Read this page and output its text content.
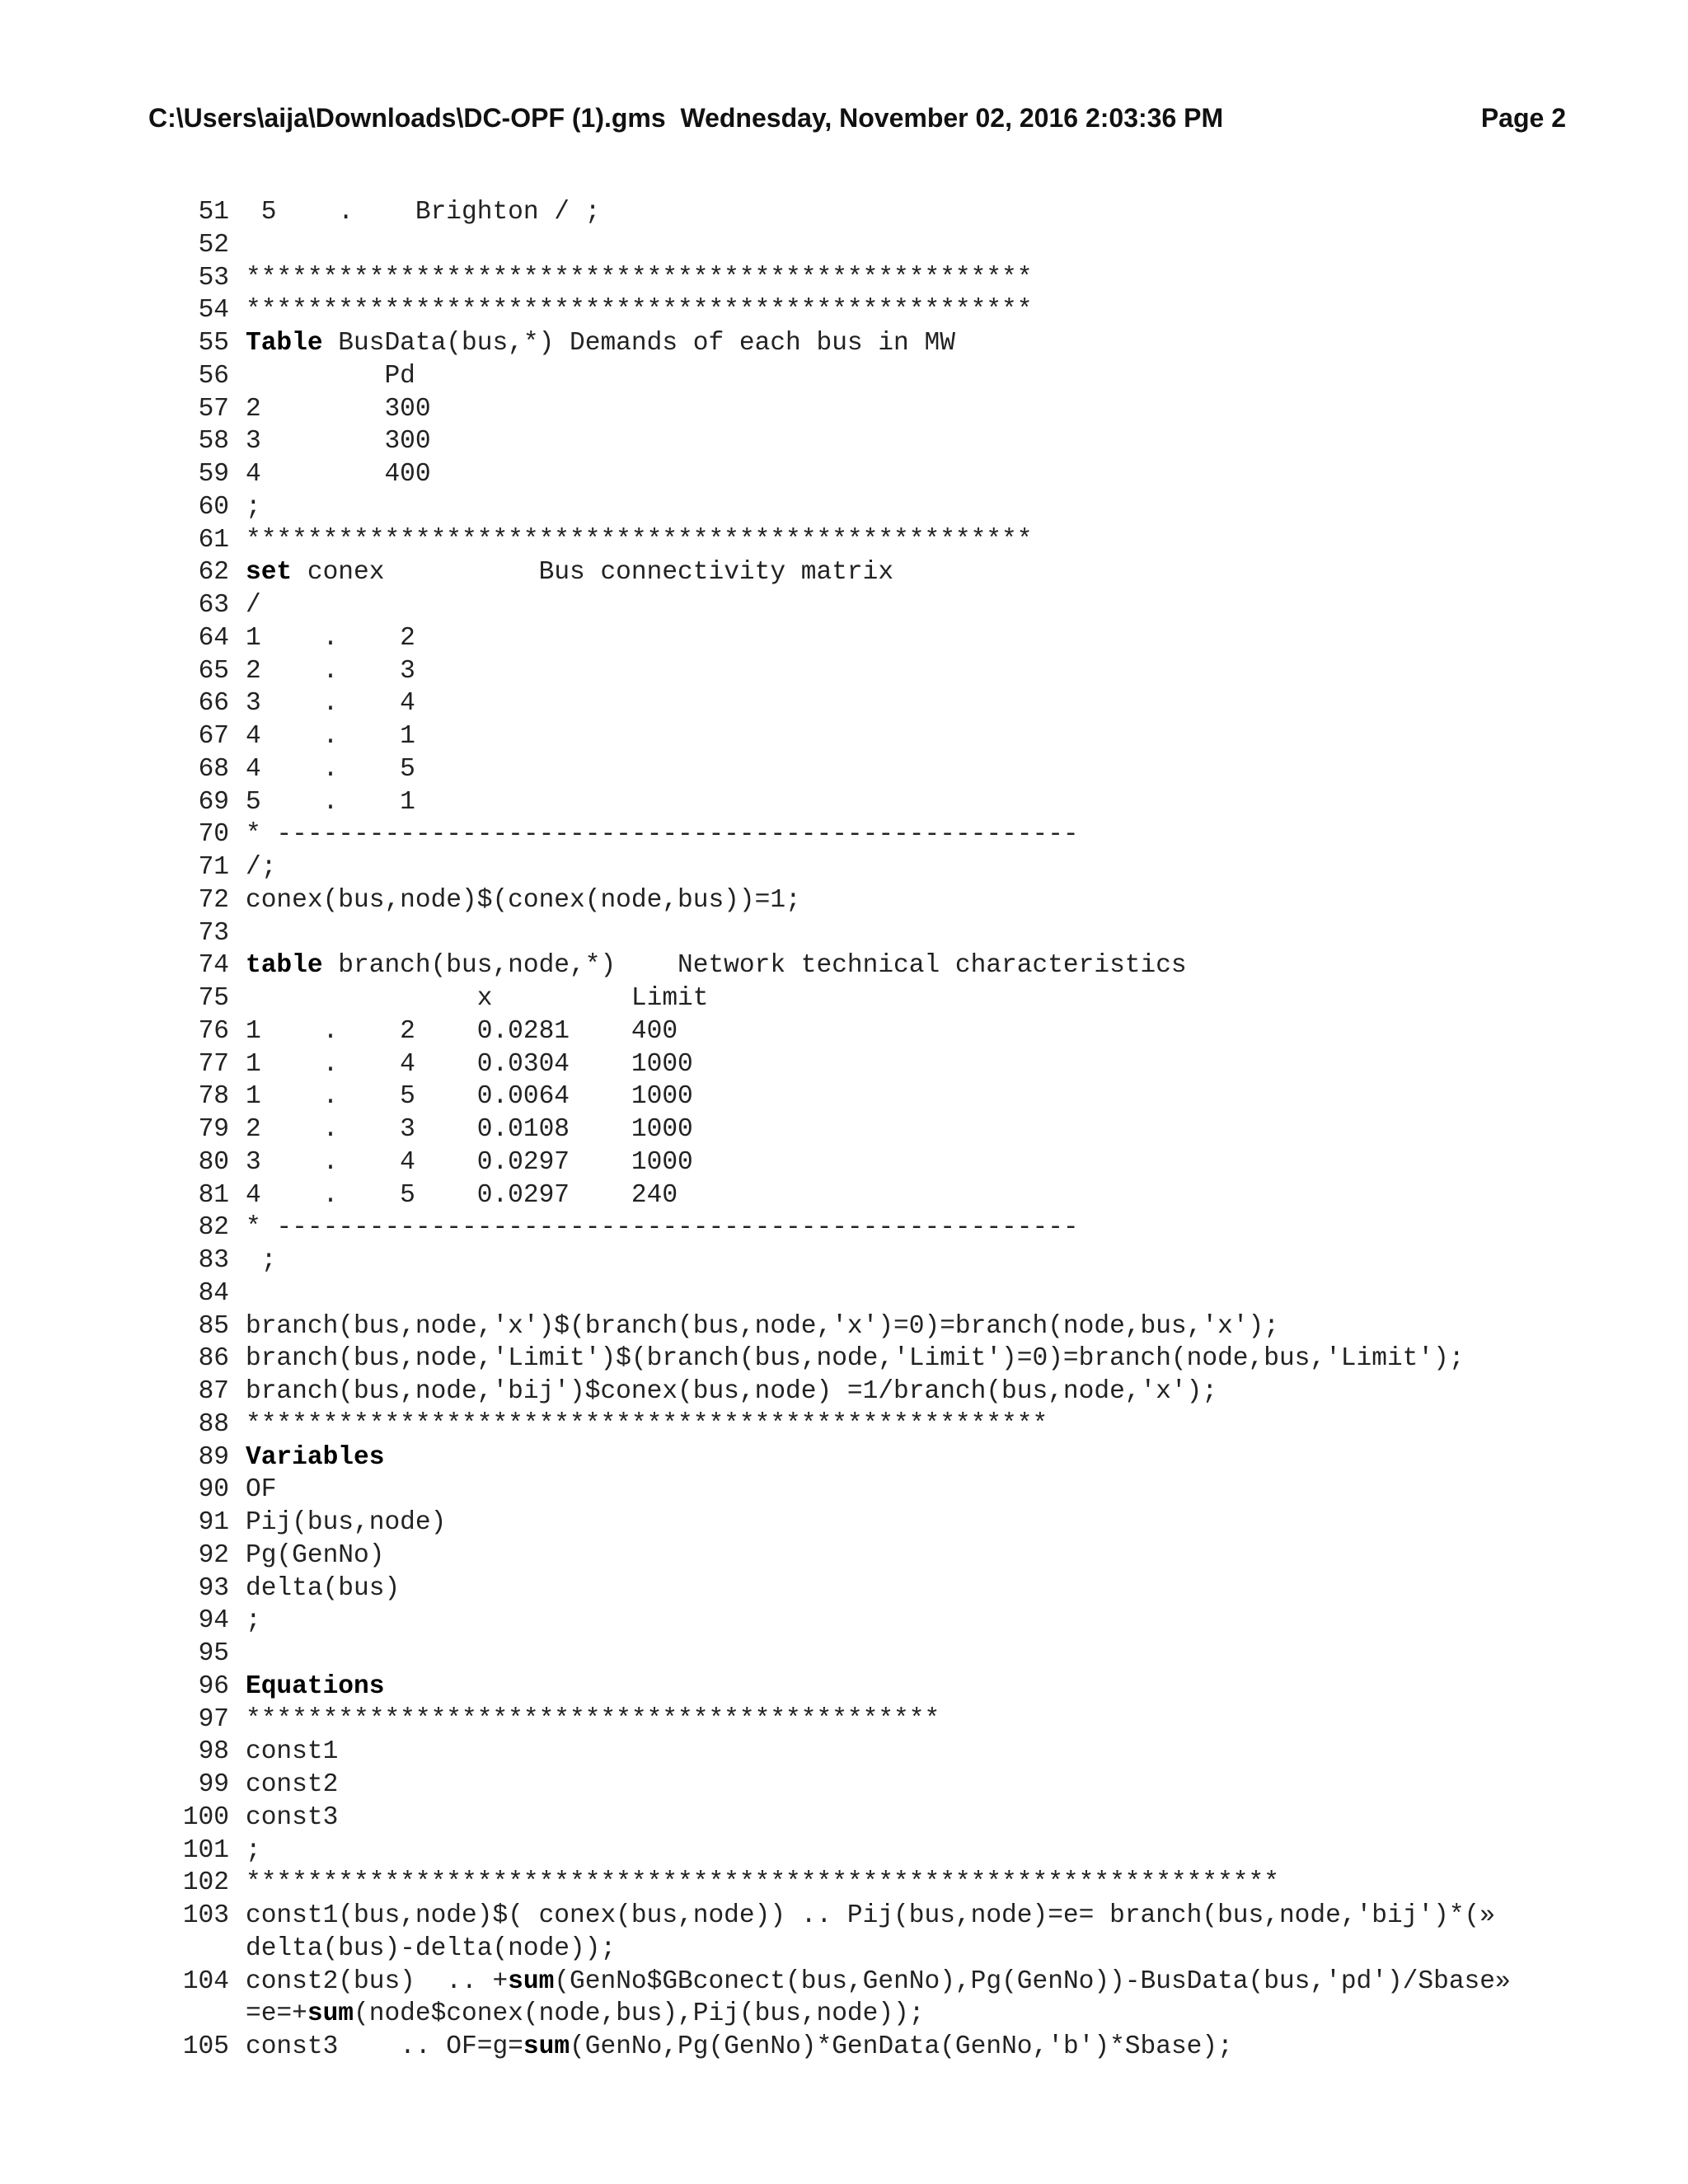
C:\Users\aija\Downloads\DC-OPF (1).gms  Wednesday, November 02, 2016 2:03:36 PM	Page 2
51 5    .    Brighton / ;
52
53 ***************************************************
54 ***************************************************
55 Table BusData(bus,*) Demands of each bus in MW
56 Pd
57 2        300
58 3        300
59 4        400
60 ;
61 ***************************************************
62 set conex          Bus connectivity matrix
63 /
64 1    .    2
65 2    .    3
66 3    .    4
67 4    .    1
68 4    .    5
69 5    .    1
70 * ----------------------------------------------------
71 /;
72 conex(bus,node)$(conex(node,bus))=1;
73
74 table branch(bus,node,*)    Network technical characteristics
75 x         Limit
76 1    .    2    0.0281    400
77 1    .    4    0.0304    1000
78 1    .    5    0.0064    1000
79 2    .    3    0.0108    1000
80 3    .    4    0.0297    1000
81 4    .    5    0.0297    240
82 * ----------------------------------------------------
83 ;
84
85 branch(bus,node,'x')$(branch(bus,node,'x')=0)=branch(node,bus,'x');
86 branch(bus,node,'Limit')$(branch(bus,node,'Limit')=0)=branch(node,bus,'Limit');
87 branch(bus,node,'bij')$conex(bus,node) =1/branch(bus,node,'x');
88 ****************************************************
89 Variables
90 OF
91 Pij(bus,node)
92 Pg(GenNo)
93 delta(bus)
94 ;
95
96 Equations
97 *********************************************
98 const1
99 const2
100 const3
101 ;
102 *******************************************************************
103 const1(bus,node)$( conex(bus,node)) .. Pij(bus,node)=e= branch(bus,node,'bij')*(»
delta(bus)-delta(node));
104 const2(bus)  .. +sum(GenNo$GBconect(bus,GenNo),Pg(GenNo))-BusData(bus,'pd')/Sbase»
=e=+sum(node$conex(node,bus),Pij(bus,node));
105 const3    .. OF=g=sum(GenNo,Pg(GenNo)*GenData(GenNo,'b')*Sbase);
